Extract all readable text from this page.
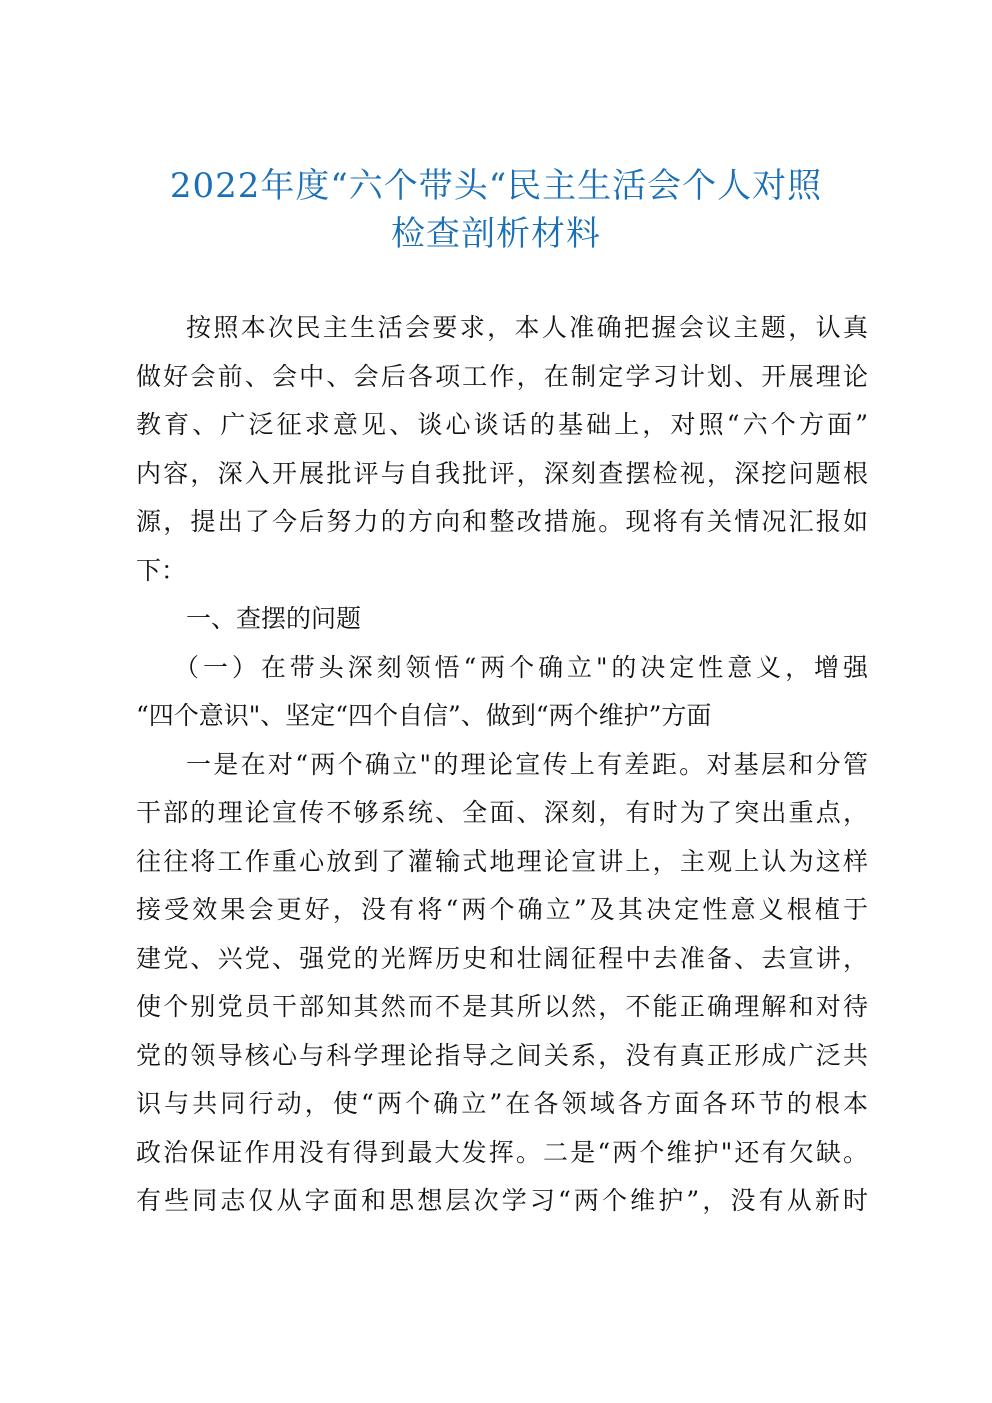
2022年度“六个带头“民主生活会个人对照
检查剖析材料

按照本次民主生活会要求，本人准确把握会议主题，认真
做好会前、会中、会后各项工作，在制定学习计划、开展理论
教育、广泛征求意见、谈心谈话的基础上，对照“六个方面”
内容，深入开展批评与自我批评，深刻查摆检视，深挖问题根
源，提出了今后努力的方向和整改措施。现将有关情况汇报如
下：

一、查摆的问题

（一）在带头深刻领悟“两个确立"的决定性意义，增强
“四个意识"、坚定“四个自信”、做到“两个维护”方面

一是在对“两个确立"的理论宣传上有差距。对基层和分管
干部的理论宣传不够系统、全面、深刻，有时为了突出重点，
往往将工作重心放到了灌输式地理论宣讲上，主观上认为这样
接受效果会更好，没有将“两个确立”及其决定性意义根植于
建党、兴党、强党的光辉历史和壮阔征程中去准备、去宣讲，
使个别党员干部知其然而不是其所以然，不能正确理解和对待
党的领导核心与科学理论指导之间关系，没有真正形成广泛共
识与共同行动，使“两个确立”在各领域各方面各环节的根本
政治保证作用没有得到最大发挥。二是“两个维护"还有欠缺。
有些同志仅从字面和思想层次学习“两个维护”，没有从新时
